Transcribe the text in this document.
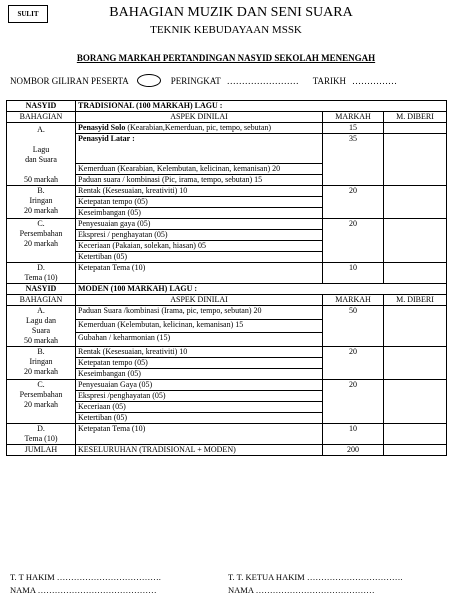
SULIT	BAHAGIAN MUZIK DAN SENI SUARA
TEKNIK KEBUDAYAAN MSSK
BORANG MARKAH PERTANDINGAN NASYID SEKOLAH MENENGAH
NOMBOR GILIRAN PESERTA	PERINGKAT …………………… TARIKH ……………
NASYID	TRADISIONAL (100 MARKAH) LAGU :		
BAHAGIAN	ASPEK DINILAI	MARKAH	M. DIBERI

A.
Lagu
dan Suara
50 markah	Penasyid Solo (Kearabian,Kemerduan, pic, tempo, sebutan)	15	
	Penasyid Latar :	35	
	Kemerduan (Kearabian, Kelembutan, kelicinan, kemanisan) 20		
	Paduan suara / kombinasi (Pic, irama, tempo, sebutan) 15		

B.
Iringan
20 markah	Rentak (Kesesuaian, kreativiti) 10	20	
	Ketepatan tempo (05)		
	Keseimbangan (05)		

C.
Persembahan
20 markah	Penyesuaian gaya (05)	20	
	Ekspresi / penghayatan (05)		
	Keceriaan (Pakaian, solekan, hiasan) 05		
	Ketertiban (05)		

D.
Tema (10)	Ketepatan Tema (10)	10	
NASYID	MODEN (100 MARKAH) LAGU :		
BAHAGIAN	ASPEK DINILAI	MARKAH	M. DIBERI

A.
Lagu dan
Suara
50 markah	Paduan Suara /kombinasi (Irama, pic, tempo, sebutan) 20	50	
	Kemerduan (Kelembutan, kelicinan, kemanisan) 15		
	Gubahan / keharmonian (15)		

B.
Iringan
20 markah	Rentak (Kesesuaian, kreativiti) 10	20	
	Ketepatan tempo (05)		
	Keseimbangan (05)		

C.
Persembahan
20 markah	Penyesuaian Gaya (05)	20	
	Ekspresi /penghayatan (05)		
	Keceriaan (05)		
	Ketertiban (05)		

D.
Tema (10)	Ketepatan Tema (10)	10	
JUMLAH	KESELURUHAN (TRADISIONAL + MODEN)	200	
T. T HAKIM ……………………………….
NAMA ……………………………………
T. T. KETUA HAKIM …………………………….
NAMA ……………………………………
